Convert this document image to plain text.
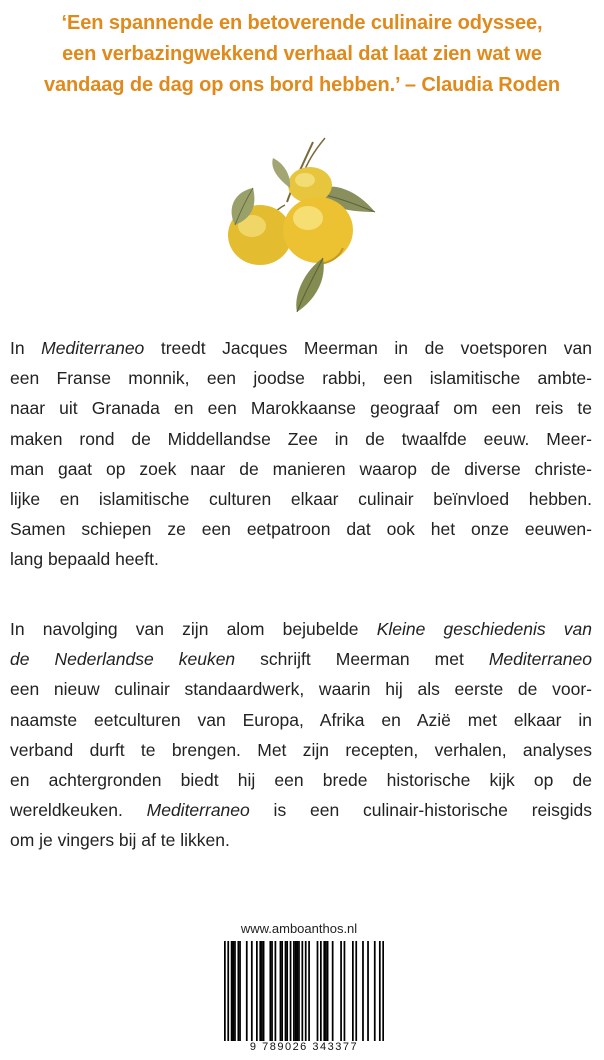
‘Een spannende en betoverende culinaire odyssee,
een verbazingwekkend verhaal dat laat zien wat we
vandaag de dag op ons bord hebben.’ – Claudia Roden
In Mediterraneo treedt Jacques Meerman in de voetsporen van
een Franse monnik, een joodse rabbi, een islamitische ambte-
naar uit Granada en een Marokkaanse geograaf om een reis te
maken rond de Middellandse Zee in de twaalfde eeuw. Meer-
man gaat op zoek naar de manieren waarop de diverse christe-
lijke en islamitische culturen elkaar culinair beïnvloed hebben.
Samen schiepen ze een eetpatroon dat ook het onze eeuwen-
lang bepaald heeft.
In navolging van zijn alom bejubelde Kleine geschiedenis van
de Nederlandse keuken schrijft Meerman met Mediterraneo
een nieuw culinair standaardwerk, waarin hij als eerste de voor-
naamste eetculturen van Europa, Afrika en Azië met elkaar in
verband durft te brengen. Met zijn recepten, verhalen, analyses
en achtergronden biedt hij een brede historische kijk op de
wereldkeuken. Mediterraneo is een culinair-historische reisgids
om je vingers bij af te likken.
www.amboanthos.nl
9 789026 343377
